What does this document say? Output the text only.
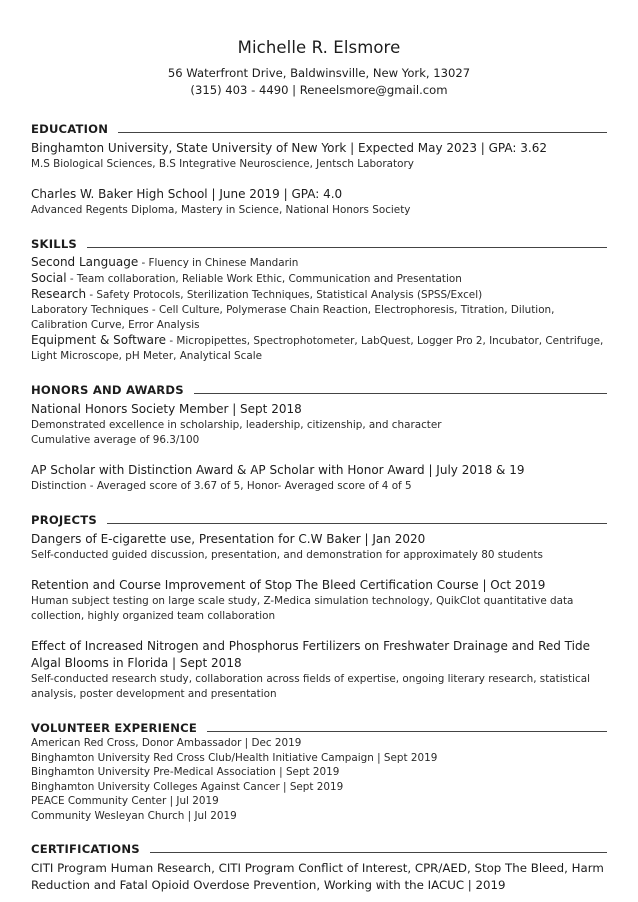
Michelle R. Elsmore
56 Waterfront Drive, Baldwinsville, New York, 13027
(315) 403 - 4490 | Reneelsmore@gmail.com
EDUCATION
Binghamton University, State University of New York | Expected May 2023 | GPA: 3.62
M.S Biological Sciences, B.S Integrative Neuroscience, Jentsch Laboratory
Charles W. Baker High School | June 2019 | GPA: 4.0
Advanced Regents Diploma, Mastery in Science, National Honors Society
SKILLS
Second Language - Fluency in Chinese Mandarin
Social - Team collaboration, Reliable Work Ethic, Communication and Presentation
Research - Safety Protocols, Sterilization Techniques, Statistical Analysis (SPSS/Excel)
Laboratory Techniques - Cell Culture, Polymerase Chain Reaction, Electrophoresis, Titration, Dilution, Calibration Curve, Error Analysis
Equipment & Software - Micropipettes, Spectrophotometer, LabQuest, Logger Pro 2, Incubator, Centrifuge, Light Microscope, pH Meter, Analytical Scale
HONORS AND AWARDS
National Honors Society Member | Sept 2018
Demonstrated excellence in scholarship, leadership, citizenship, and character
Cumulative average of 96.3/100
AP Scholar with Distinction Award & AP Scholar with Honor Award | July 2018 & 19
Distinction - Averaged score of 3.67 of 5, Honor- Averaged score of 4 of 5
PROJECTS
Dangers of E-cigarette use, Presentation for C.W Baker | Jan 2020
Self-conducted guided discussion, presentation, and demonstration for approximately 80 students
Retention and Course Improvement of Stop The Bleed Certification Course | Oct 2019
Human subject testing on large scale study, Z-Medica simulation technology, QuikClot quantitative data collection, highly organized team collaboration
Effect of Increased Nitrogen and Phosphorus Fertilizers on Freshwater Drainage and Red Tide Algal Blooms in Florida | Sept 2018
Self-conducted research study, collaboration across fields of expertise, ongoing literary research, statistical analysis, poster development and presentation
VOLUNTEER EXPERIENCE
American Red Cross, Donor Ambassador | Dec 2019
Binghamton University Red Cross Club/Health Initiative Campaign | Sept 2019
Binghamton University Pre-Medical Association | Sept 2019
Binghamton University Colleges Against Cancer | Sept 2019
PEACE Community Center | Jul 2019
Community Wesleyan Church | Jul 2019
CERTIFICATIONS
CITI Program Human Research, CITI Program Conflict of Interest, CPR/AED, Stop The Bleed, Harm Reduction and Fatal Opioid Overdose Prevention, Working with the IACUC | 2019
